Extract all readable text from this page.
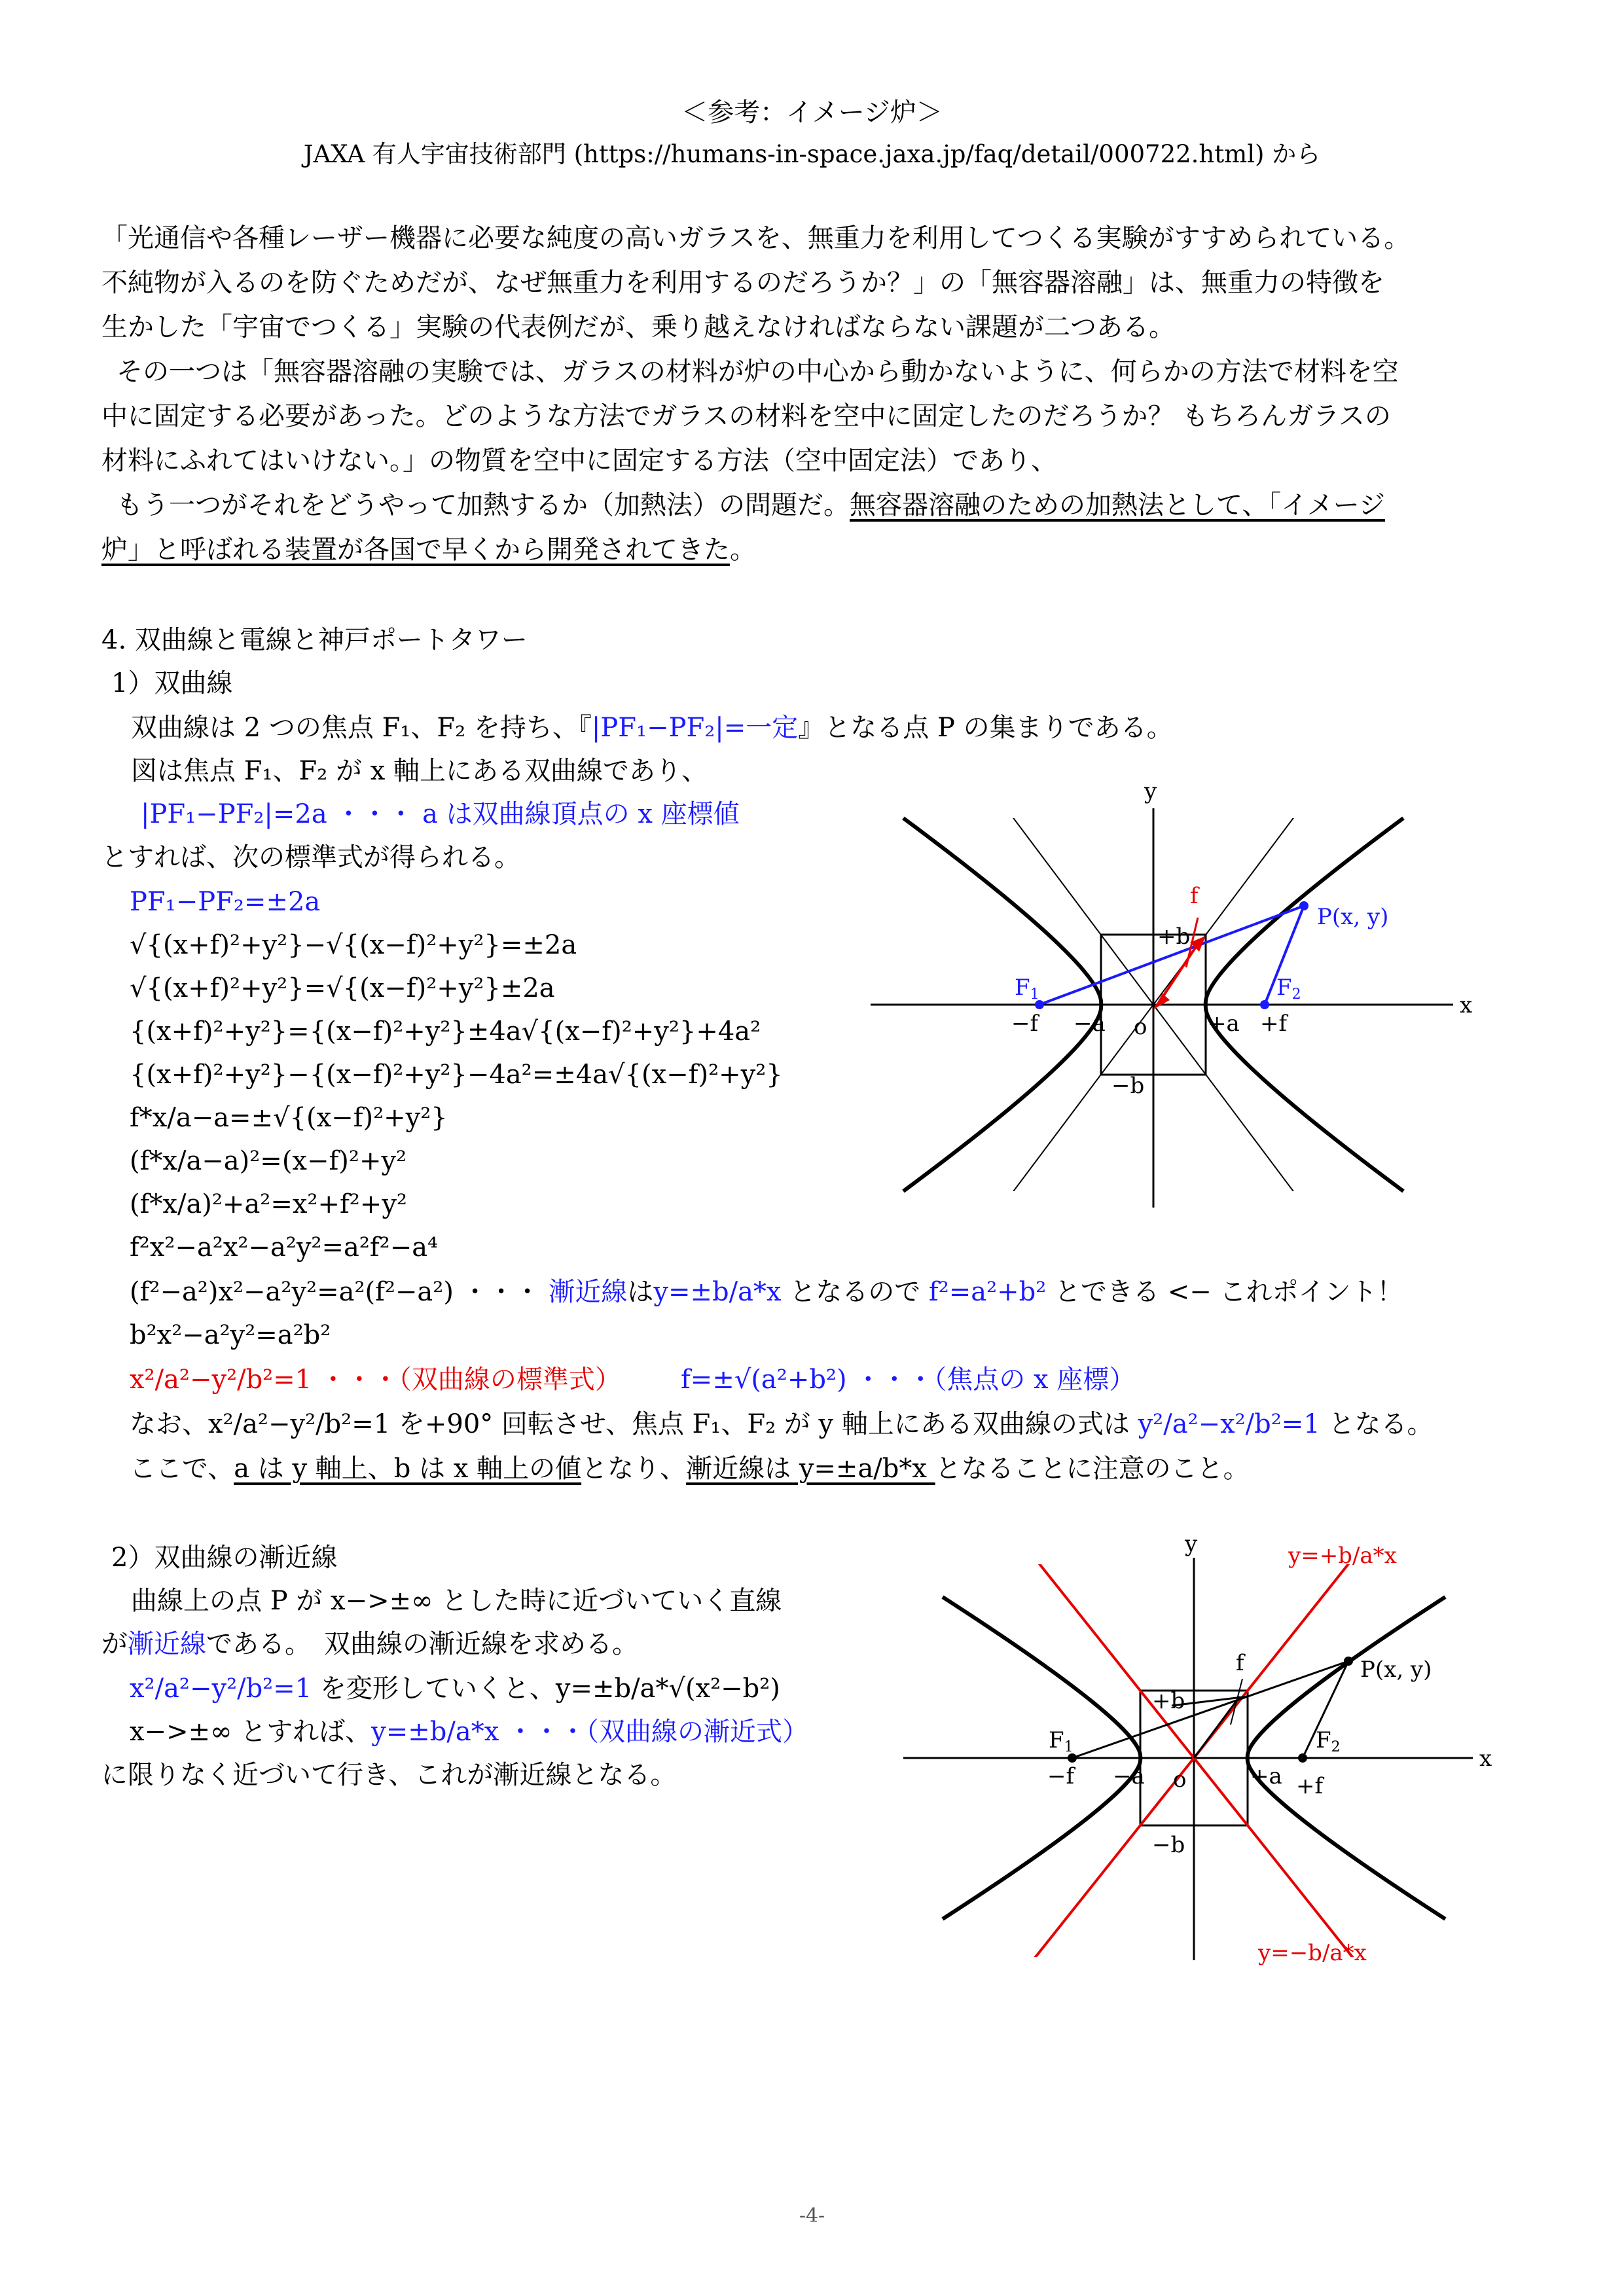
＜参考：イメージ炉＞
JAXA 有人宇宙技術部門 (https://humans-in-space.jaxa.jp/faq/detail/000722.html) から
「光通信や各種レーザー機器に必要な純度の高いガラスを、無重力を利用してつくる実験がすすめられている。
不純物が入るのを防ぐためだが、なぜ無重力を利用するのだろうか？」の「無容器溶融」は、無重力の特徴を
生かした「宇宙でつくる」実験の代表例だが、乗り越えなければならない課題が二つある。
その一つは「無容器溶融の実験では、ガラスの材料が炉の中心から動かないように、何らかの方法で材料を空
中に固定する必要があった。どのような方法でガラスの材料を空中に固定したのだろうか？ もちろんガラスの
材料にふれてはいけない。」の物質を空中に固定する方法（空中固定法）であり、
もう一つがそれをどうやって加熱するか（加熱法）の問題だ。無容器溶融のための加熱法として、「イメージ
炉」と呼ばれる装置が各国で早くから開発されてきた。
4. 双曲線と電線と神戸ポートタワー
1）双曲線
双曲線は 2 つの焦点 F₁、F₂ を持ち、『|PF₁−PF₂|=一定』となる点 P の集まりである。
図は焦点 F₁、F₂ が x 軸上にある双曲線であり、
|PF₁−PF₂|=2a ・・・ a は双曲線頂点の x 座標値
とすれば、次の標準式が得られる。
PF₁−PF₂=±2a
√{(x+f)²+y²}−√{(x−f)²+y²}=±2a
√{(x+f)²+y²}=√{(x−f)²+y²}±2a
{(x+f)²+y²}={(x−f)²+y²}±4a√{(x−f)²+y²}+4a²
{(x+f)²+y²}−{(x−f)²+y²}−4a²=±4a√{(x−f)²+y²}
f*x/a−a=±√{(x−f)²+y²}
(f*x/a−a)²=(x−f)²+y²
(f*x/a)²+a²=x²+f²+y²
f²x²−a²x²−a²y²=a²f²−a⁴
(f²−a²)x²−a²y²=a²(f²−a²) ・・・ 漸近線はy=±b/a*x となるので f²=a²+b² とできる <− これポイント！
b²x²−a²y²=a²b²
x²/a²−y²/b²=1 ・・・（双曲線の標準式） f=±√(a²+b²) ・・・（焦点の x 座標）
なお、x²/a²−y²/b²=1 を+90° 回転させ、焦点 F₁、F₂ が y 軸上にある双曲線の式は y²/a²−x²/b²=1 となる。
ここで、a は y 軸上、b は x 軸上の値となり、漸近線は y=±a/b*x となることに注意のこと。
2）双曲線の漸近線
曲線上の点 P が x−>±∞ とした時に近づいていく直線
が漸近線である。　双曲線の漸近線を求める。
x²/a²−y²/b²=1 を変形していくと、y=±b/a*√(x²−b²)
x−>±∞ とすれば、y=±b/a*x ・・・（双曲線の漸近式）
に限りなく近づいて行き、これが漸近線となる。
y
x
f
P(x, y)
F1	F2
−f −a o	+a +f
+b
−b
y
x
f	P(x, y)
F1	F2
−f −a o	+a +f
+b
−b
y=+b/a*x
y=−b/a*x
-4-
